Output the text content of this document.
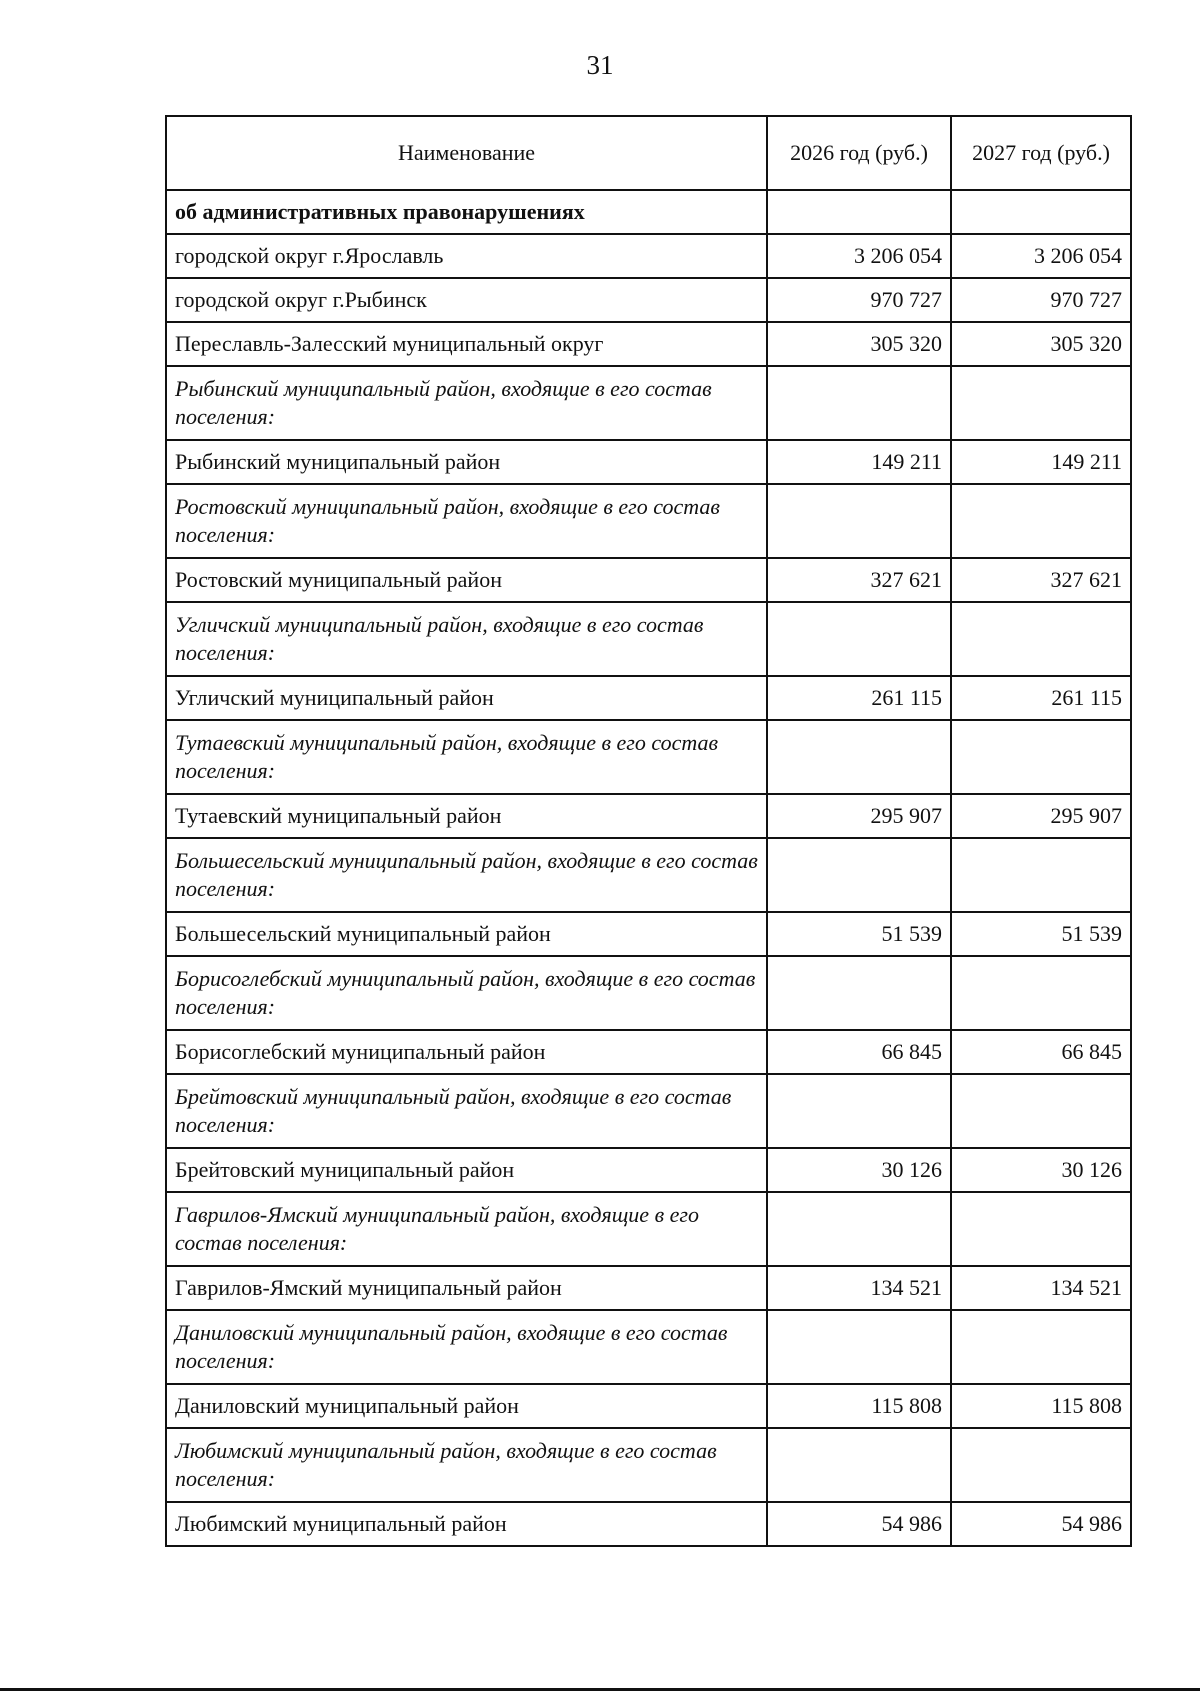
31
Наименование	2026 год (руб.)	2027 год (руб.)
об административных правонарушениях		
городской округ г.Ярославль	3 206 054	3 206 054
городской округ г.Рыбинск	970 727	970 727
Переславль-Залесский муниципальный округ	305 320	305 320
Рыбинский муниципальный район, входящие в его состав поселения:		
Рыбинский муниципальный район	149 211	149 211
Ростовский муниципальный район, входящие в его состав поселения:		
Ростовский муниципальный район	327 621	327 621
Угличский муниципальный район, входящие в его состав поселения:		
Угличский муниципальный район	261 115	261 115
Тутаевский муниципальный район, входящие в его состав поселения:		
Тутаевский муниципальный район	295 907	295 907
Большесельский муниципальный район, входящие в его состав поселения:		
Большесельский муниципальный район	51 539	51 539
Борисоглебский муниципальный район, входящие в его состав поселения:		
Борисоглебский муниципальный район	66 845	66 845
Брейтовский муниципальный район, входящие в его состав поселения:		
Брейтовский муниципальный район	30 126	30 126
Гаврилов-Ямский муниципальный район, входящие в его состав поселения:		
Гаврилов-Ямский муниципальный район	134 521	134 521
Даниловский муниципальный район, входящие в его состав поселения:		
Даниловский муниципальный район	115 808	115 808
Любимский муниципальный район, входящие в его состав поселения:		
Любимский муниципальный район	54 986	54 986
